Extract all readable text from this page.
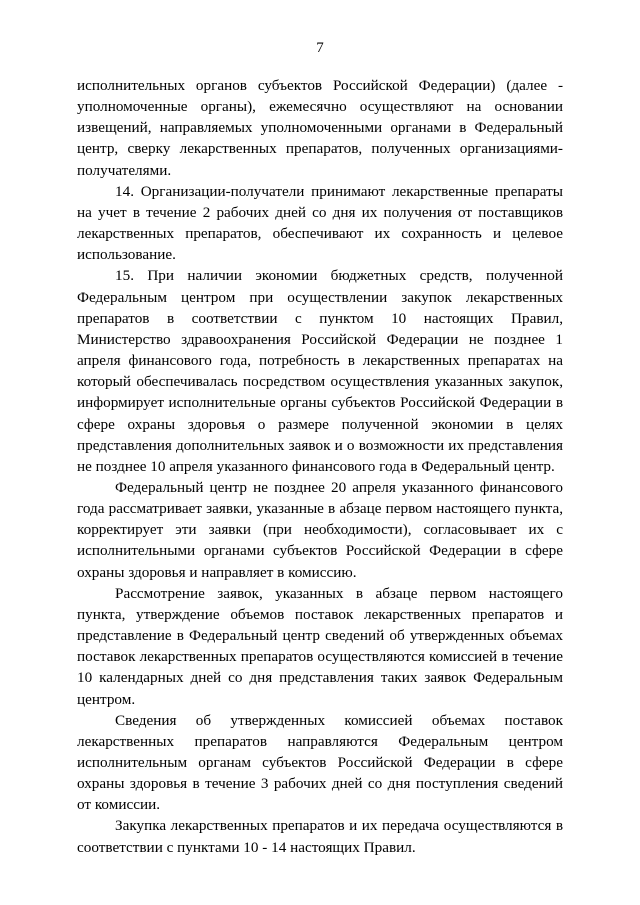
7

исполнительных органов субъектов Российской Федерации) (далее - уполномоченные органы), ежемесячно осуществляют на основании извещений, направляемых уполномоченными органами в Федеральный центр, сверку лекарственных препаратов, полученных организациями-получателями.

14. Организации-получатели принимают лекарственные препараты на учет в течение 2 рабочих дней со дня их получения от поставщиков лекарственных препаратов, обеспечивают их сохранность и целевое использование.

15. При наличии экономии бюджетных средств, полученной Федеральным центром при осуществлении закупок лекарственных препаратов в соответствии с пунктом 10 настоящих Правил, Министерство здравоохранения Российской Федерации не позднее 1 апреля финансового года, потребность в лекарственных препаратах на который обеспечивалась посредством осуществления указанных закупок, информирует исполнительные органы субъектов Российской Федерации в сфере охраны здоровья о размере полученной экономии в целях представления дополнительных заявок и о возможности их представления не позднее 10 апреля указанного финансового года в Федеральный центр.

Федеральный центр не позднее 20 апреля указанного финансового года рассматривает заявки, указанные в абзаце первом настоящего пункта, корректирует эти заявки (при необходимости), согласовывает их с исполнительными органами субъектов Российской Федерации в сфере охраны здоровья и направляет в комиссию.

Рассмотрение заявок, указанных в абзаце первом настоящего пункта, утверждение объемов поставок лекарственных препаратов и представление в Федеральный центр сведений об утвержденных объемах поставок лекарственных препаратов осуществляются комиссией в течение 10 календарных дней со дня представления таких заявок Федеральным центром.

Сведения об утвержденных комиссией объемах поставок лекарственных препаратов направляются Федеральным центром исполнительным органам субъектов Российской Федерации в сфере охраны здоровья в течение 3 рабочих дней со дня поступления сведений от комиссии.

Закупка лекарственных препаратов и их передача осуществляются в соответствии с пунктами 10 - 14 настоящих Правил.
